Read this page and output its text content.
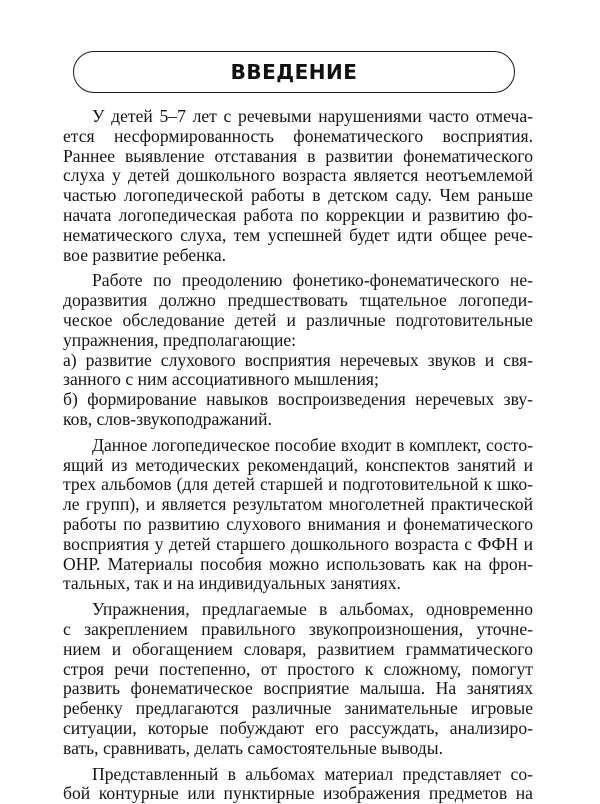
ВВЕДЕНИЕ
У детей 5–7 лет с речевыми нарушениями часто отмеча-
ется несформированность фонематического восприятия.
Раннее выявление отставания в развитии фонематического
слуха у детей дошкольного возраста является неотъемлемой
частью логопедической работы в детском саду. Чем раньше
начата логопедическая работа по коррекции и развитию фо-
нематического слуха, тем успешней будет идти общее рече-
вое развитие ребенка.
Работе по преодолению фонетико-фонематического не-
доразвития должно предшествовать тщательное логопеди-
ческое обследование детей и различные подготовительные
упражнения, предполагающие:
а) развитие слухового восприятия неречевых звуков и свя-
занного с ним ассоциативного мышления;
б) формирование навыков воспроизведения неречевых зву-
ков, слов-звукоподражаний.
Данное логопедическое пособие входит в комплект, состо-
ящий из методических рекомендаций, конспектов занятий и
трех альбомов (для детей старшей и подготовительной к шко-
ле групп), и является результатом многолетней практической
работы по развитию слухового внимания и фонематического
восприятия у детей старшего дошкольного возраста с ФФН и
ОНР. Материалы пособия можно использовать как на фрон-
тальных, так и на индивидуальных занятиях.
Упражнения, предлагаемые в альбомах, одновременно
с закреплением правильного звукопроизношения, уточне-
нием и обогащением словаря, развитием грамматического
строя речи постепенно, от простого к сложному, помогут
развить фонематическое восприятие малыша. На занятиях
ребенку предлагаются различные занимательные игровые
ситуации, которые побуждают его рассуждать, анализиро-
вать, сравнивать, делать самостоятельные выводы.
Представленный в альбомах материал представляет со-
бой контурные или пунктирные изображения предметов на
